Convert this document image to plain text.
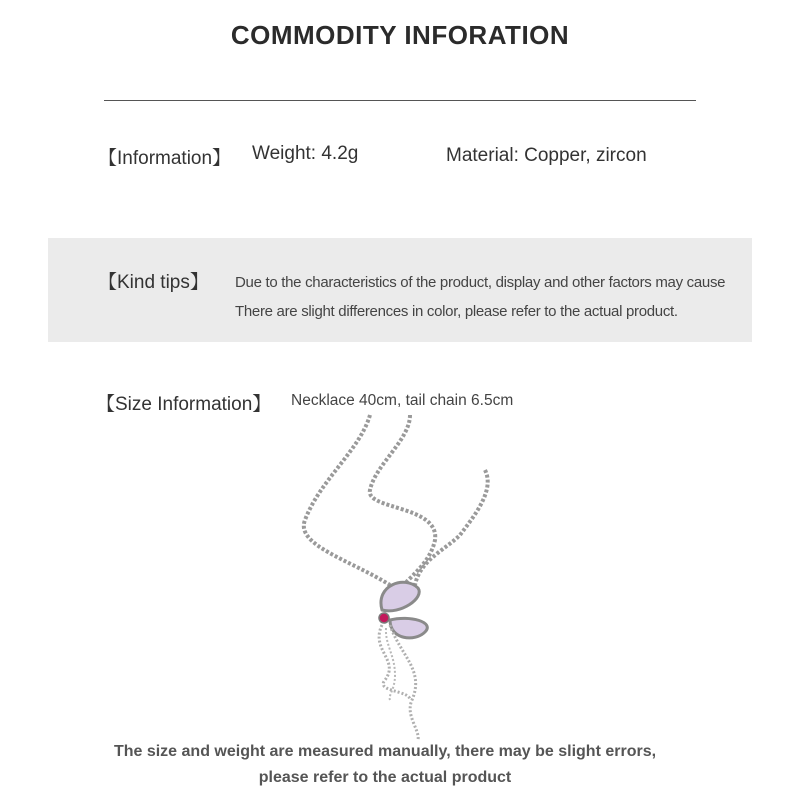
COMMODITY INFORATION
【Information】 Weight: 4.2g	Material: Copper, zircon
【Kind tips】 Due to the characteristics of the product, display and other factors may cause
There are slight differences in color, please refer to the actual product.
【Size Information】 Necklace 40cm, tail chain 6.5cm
The size and weight are measured manually, there may be slight errors,
please refer to the actual product
